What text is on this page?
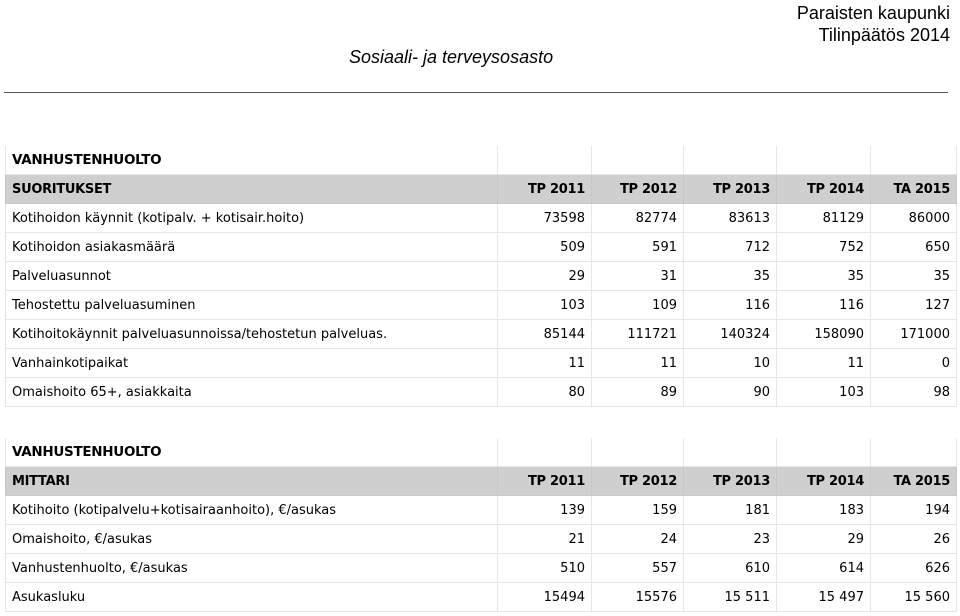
Paraisten kaupunki
Tilinpäätös 2014
Sosiaali- ja terveysosasto
VANHUSTENHUOLTO					
SUORITUKSET	TP 2011	TP 2012	TP 2013	TP 2014	TA 2015
Kotihoidon käynnit (kotipalv. + kotisair.hoito)	73598	82774	83613	81129	86000
Kotihoidon asiakasmäärä	509	591	712	752	650
Palveluasunnot	29	31	35	35	35
Tehostettu palveluasuminen	103	109	116	116	127
Kotihoitokäynnit palveluasunnoissa/tehostetun palveluas.	85144	111721	140324	158090	171000
Vanhainkotipaikat	11	11	10	11	0
Omaishoito 65+, asiakkaita	80	89	90	103	98
VANHUSTENHUOLTO					
MITTARI	TP 2011	TP 2012	TP 2013	TP 2014	TA 2015
Kotihoito (kotipalvelu+kotisairaanhoito), €/asukas	139	159	181	183	194
Omaishoito, €/asukas	21	24	23	29	26
Vanhustenhuolto, €/asukas	510	557	610	614	626
Asukasluku	15494	15576	15 511	15 497	15 560
